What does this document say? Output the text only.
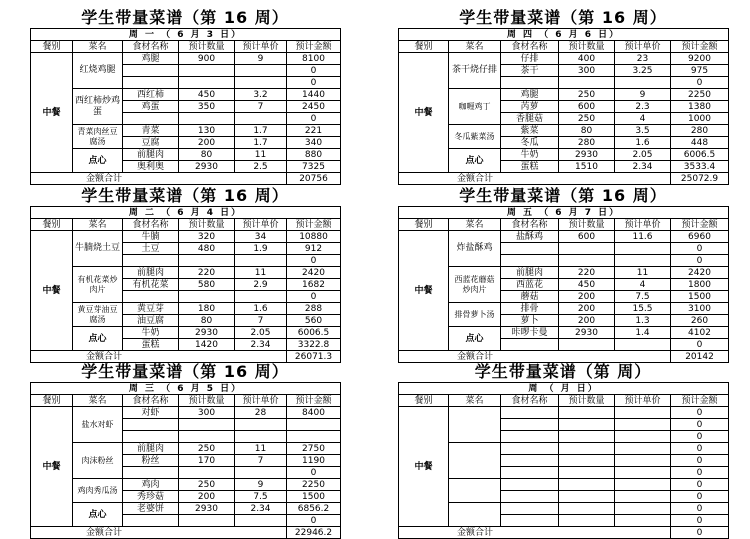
学生带量菜谱（第 16 周）
周 一 （ 6 月 3 日）					
餐别	菜名	食材名称	预计数量	预计单价	预计金额
中餐	红烧鸡腿	鸡腿	900	9	8100
					0
					0
	西红柿炒鸡蛋	西红柿	450	3.2	1440
		鸡蛋	350	7	2450
					0
	青菜肉丝豆腐汤	青菜	130	1.7	221
		豆腐	200	1.7	340
	点心	前腿肉	80	11	880
		奥利奥	2930	2.5	7325
金额合计					20756
学生带量菜谱（第 16 周）
周 二 （ 6 月 4 日）					
餐别	菜名	食材名称	预计数量	预计单价	预计金额
中餐	牛腩烧土豆	牛腩	320	34	10880
		土豆	480	1.9	912
					0
	有机花菜炒肉片	前腿肉	220	11	2420
		有机花菜	580	2.9	1682
					0
	黄豆芽油豆腐汤	黄豆芽	180	1.6	288
		油豆腐	80	7	560
	点心	牛奶	2930	2.05	6006.5
		蛋糕	1420	2.34	3322.8
金额合计					26071.3
学生带量菜谱（第 16 周）
周 三 （ 6 月 5 日）					
餐别	菜名	食材名称	预计数量	预计单价	预计金额
中餐	盐水对虾	对虾	300	28	8400

	肉沫粉丝	前腿肉	250	11	2750
		粉丝	170	7	1190
					0
	鸡肉秀瓜汤	鸡肉	250	9	2250
		秀珍菇	200	7.5	1500
	点心	老婆饼	2930	2.34	6856.2
					0
金额合计					22946.2
学生带量菜谱（第 16 周）
周 四 （ 6 月 6 日）					
餐别	菜名	食材名称	预计数量	预计单价	预计金额
中餐	茶干烧仔排	仔排	400	23	9200
		茶干	300	3.25	975
					0
	咖喱鸡丁	鸡腿	250	9	2250
		芮萝	600	2.3	1380
		香腿菇	250	4	1000
	冬瓜紫菜汤	紫菜	80	3.5	280
		冬瓜	280	1.6	448
	点心	牛奶	2930	2.05	6006.5
		蛋糕	1510	2.34	3533.4
金额合计					25072.9
学生带量菜谱（第 16 周）
周 五 （ 6 月 7 日）					
餐别	菜名	食材名称	预计数量	预计单价	预计金额
中餐	炸盐酥鸡	盐酥鸡	600	11.6	6960
					0
					0
	西蓝花蘑菇炒肉片	前腿肉	220	11	2420
		西蓝花	450	4	1800
		蘑菇	200	7.5	1500
	排骨萝卜汤	排骨	200	15.5	3100
		萝卜	200	1.3	260
	点心	咔啰卡曼	2930	1.4	4102
					0
金额合计					20142
学生带量菜谱（第 周）
周 （ 月 日）					
餐别	菜名	食材名称	预计数量	预计单价	预计金额
中餐					0
					0
					0
					0
					0
					0
					0
					0
					0
					0
金额合计					0
